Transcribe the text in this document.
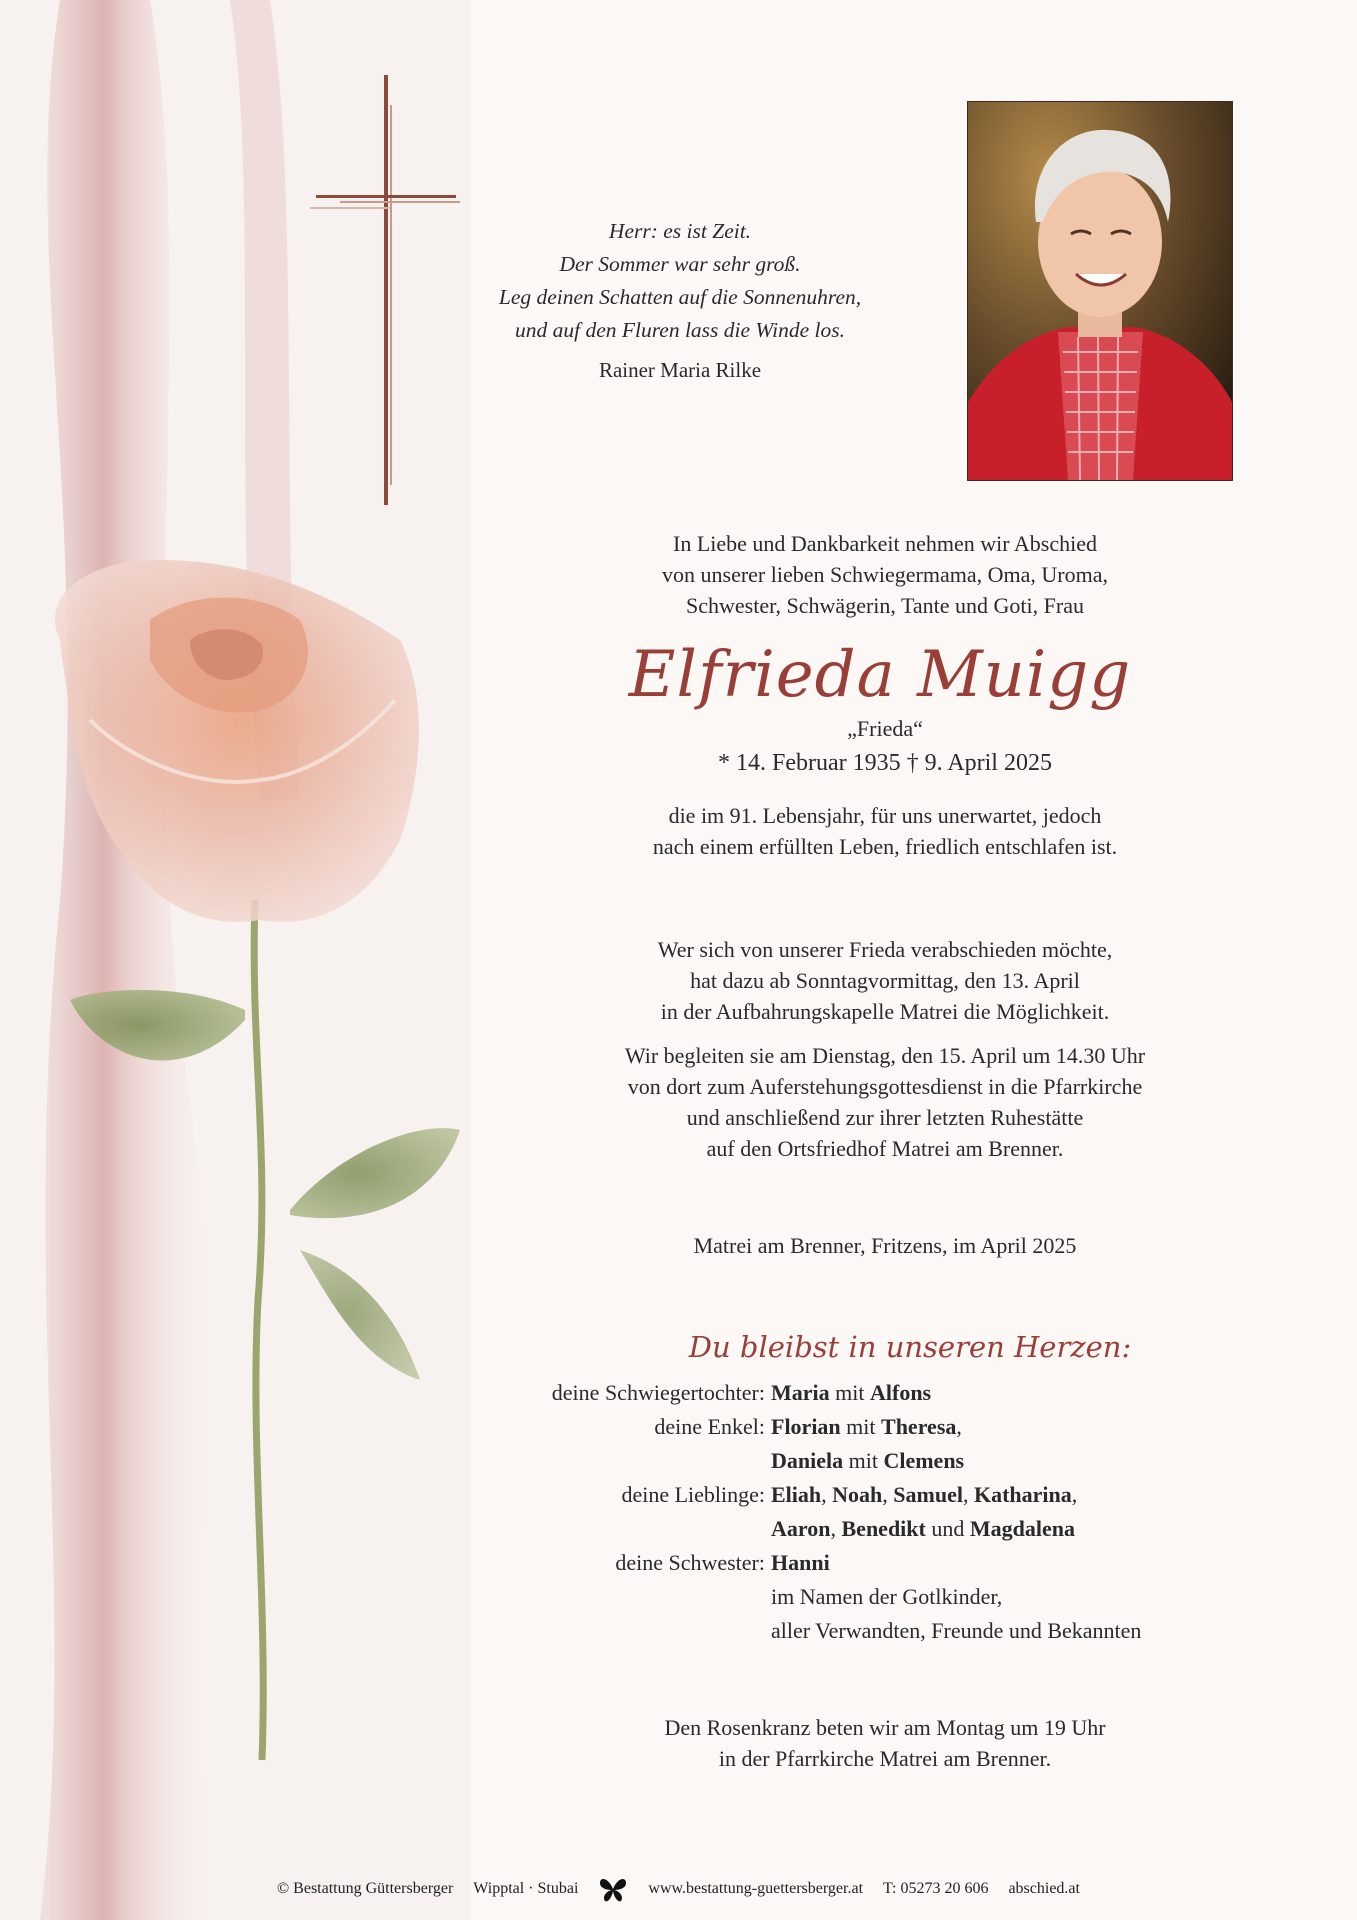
Herr: es ist Zeit.
Der Sommer war sehr groß.
Leg deinen Schatten auf die Sonnenuhren,
und auf den Fluren lass die Winde los.
Rainer Maria Rilke
In Liebe und Dankbarkeit nehmen wir Abschied
von unserer lieben Schwiegermama, Oma, Uroma,
Schwester, Schwägerin, Tante und Goti, Frau
Elfrieda Muigg
„Frieda“
* 14. Februar 1935 † 9. April 2025
die im 91. Lebensjahr, für uns unerwartet, jedoch
nach einem erfüllten Leben, friedlich entschlafen ist.
Wer sich von unserer Frieda verabschieden möchte,
hat dazu ab Sonntagvormittag, den 13. April
in der Aufbahrungskapelle Matrei die Möglichkeit.
Wir begleiten sie am Dienstag, den 15. April um 14.30 Uhr
von dort zum Auferstehungsgottesdienst in die Pfarrkirche
und anschließend zur ihrer letzten Ruhestätte
auf den Ortsfriedhof Matrei am Brenner.
Matrei am Brenner, Fritzens, im April 2025
Du bleibst in unseren Herzen:
deine Schwiegertochter: Maria mit Alfons
deine Enkel: Florian mit Theresa,
Daniela mit Clemens
deine Lieblinge: Eliah, Noah, Samuel, Katharina,
Aaron, Benedikt und Magdalena
deine Schwester: Hanni
im Namen der Gotlkinder,
aller Verwandten, Freunde und Bekannten
Den Rosenkranz beten wir am Montag um 19 Uhr
in der Pfarrkirche Matrei am Brenner.
© Bestattung Güttersberger Wipptal · Stubai	www.bestattung-guettersberger.at T: 05273 20 606 abschied.at
